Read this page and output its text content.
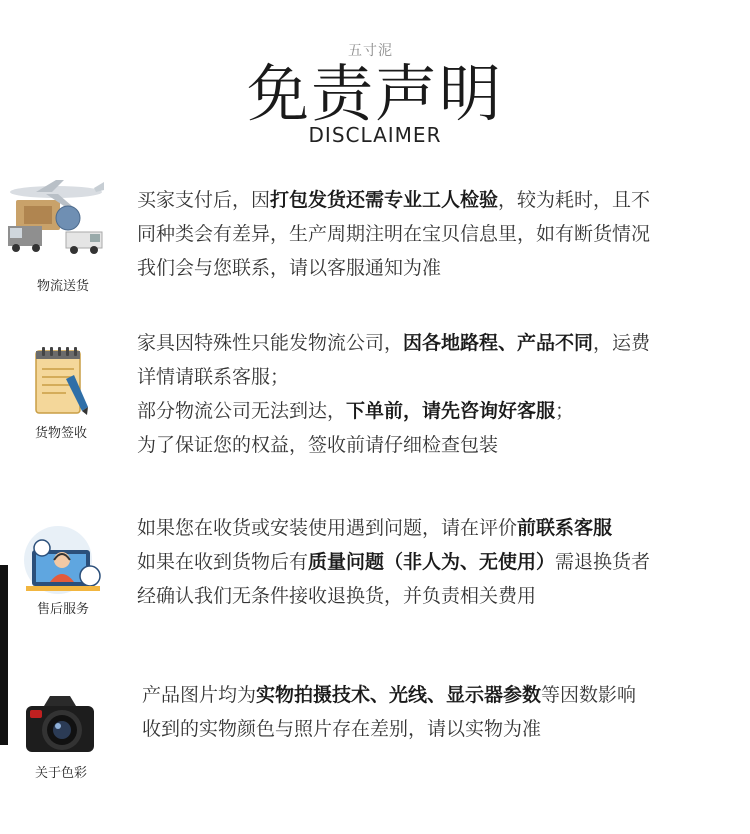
五寸泥
免责声明
DISCLAIMER
物流送货
买家支付后，因打包发货还需专业工人检验，较为耗时，且不
同种类会有差异，生产周期注明在宝贝信息里，如有断货情况
我们会与您联系，请以客服通知为准
货物签收
家具因特殊性只能发物流公司，因各地路程、产品不同，运费
详情请联系客服；
部分物流公司无法到达，下单前，请先咨询好客服；
为了保证您的权益，签收前请仔细检查包装
售后服务
如果您在收货或安装使用遇到问题，请在评价前联系客服
如果在收到货物后有质量问题（非人为、无使用）需退换货者
经确认我们无条件接收退换货，并负责相关费用
关于色彩
产品图片均为实物拍摄技术、光线、显示器参数等因数影响
收到的实物颜色与照片存在差别，请以实物为准
